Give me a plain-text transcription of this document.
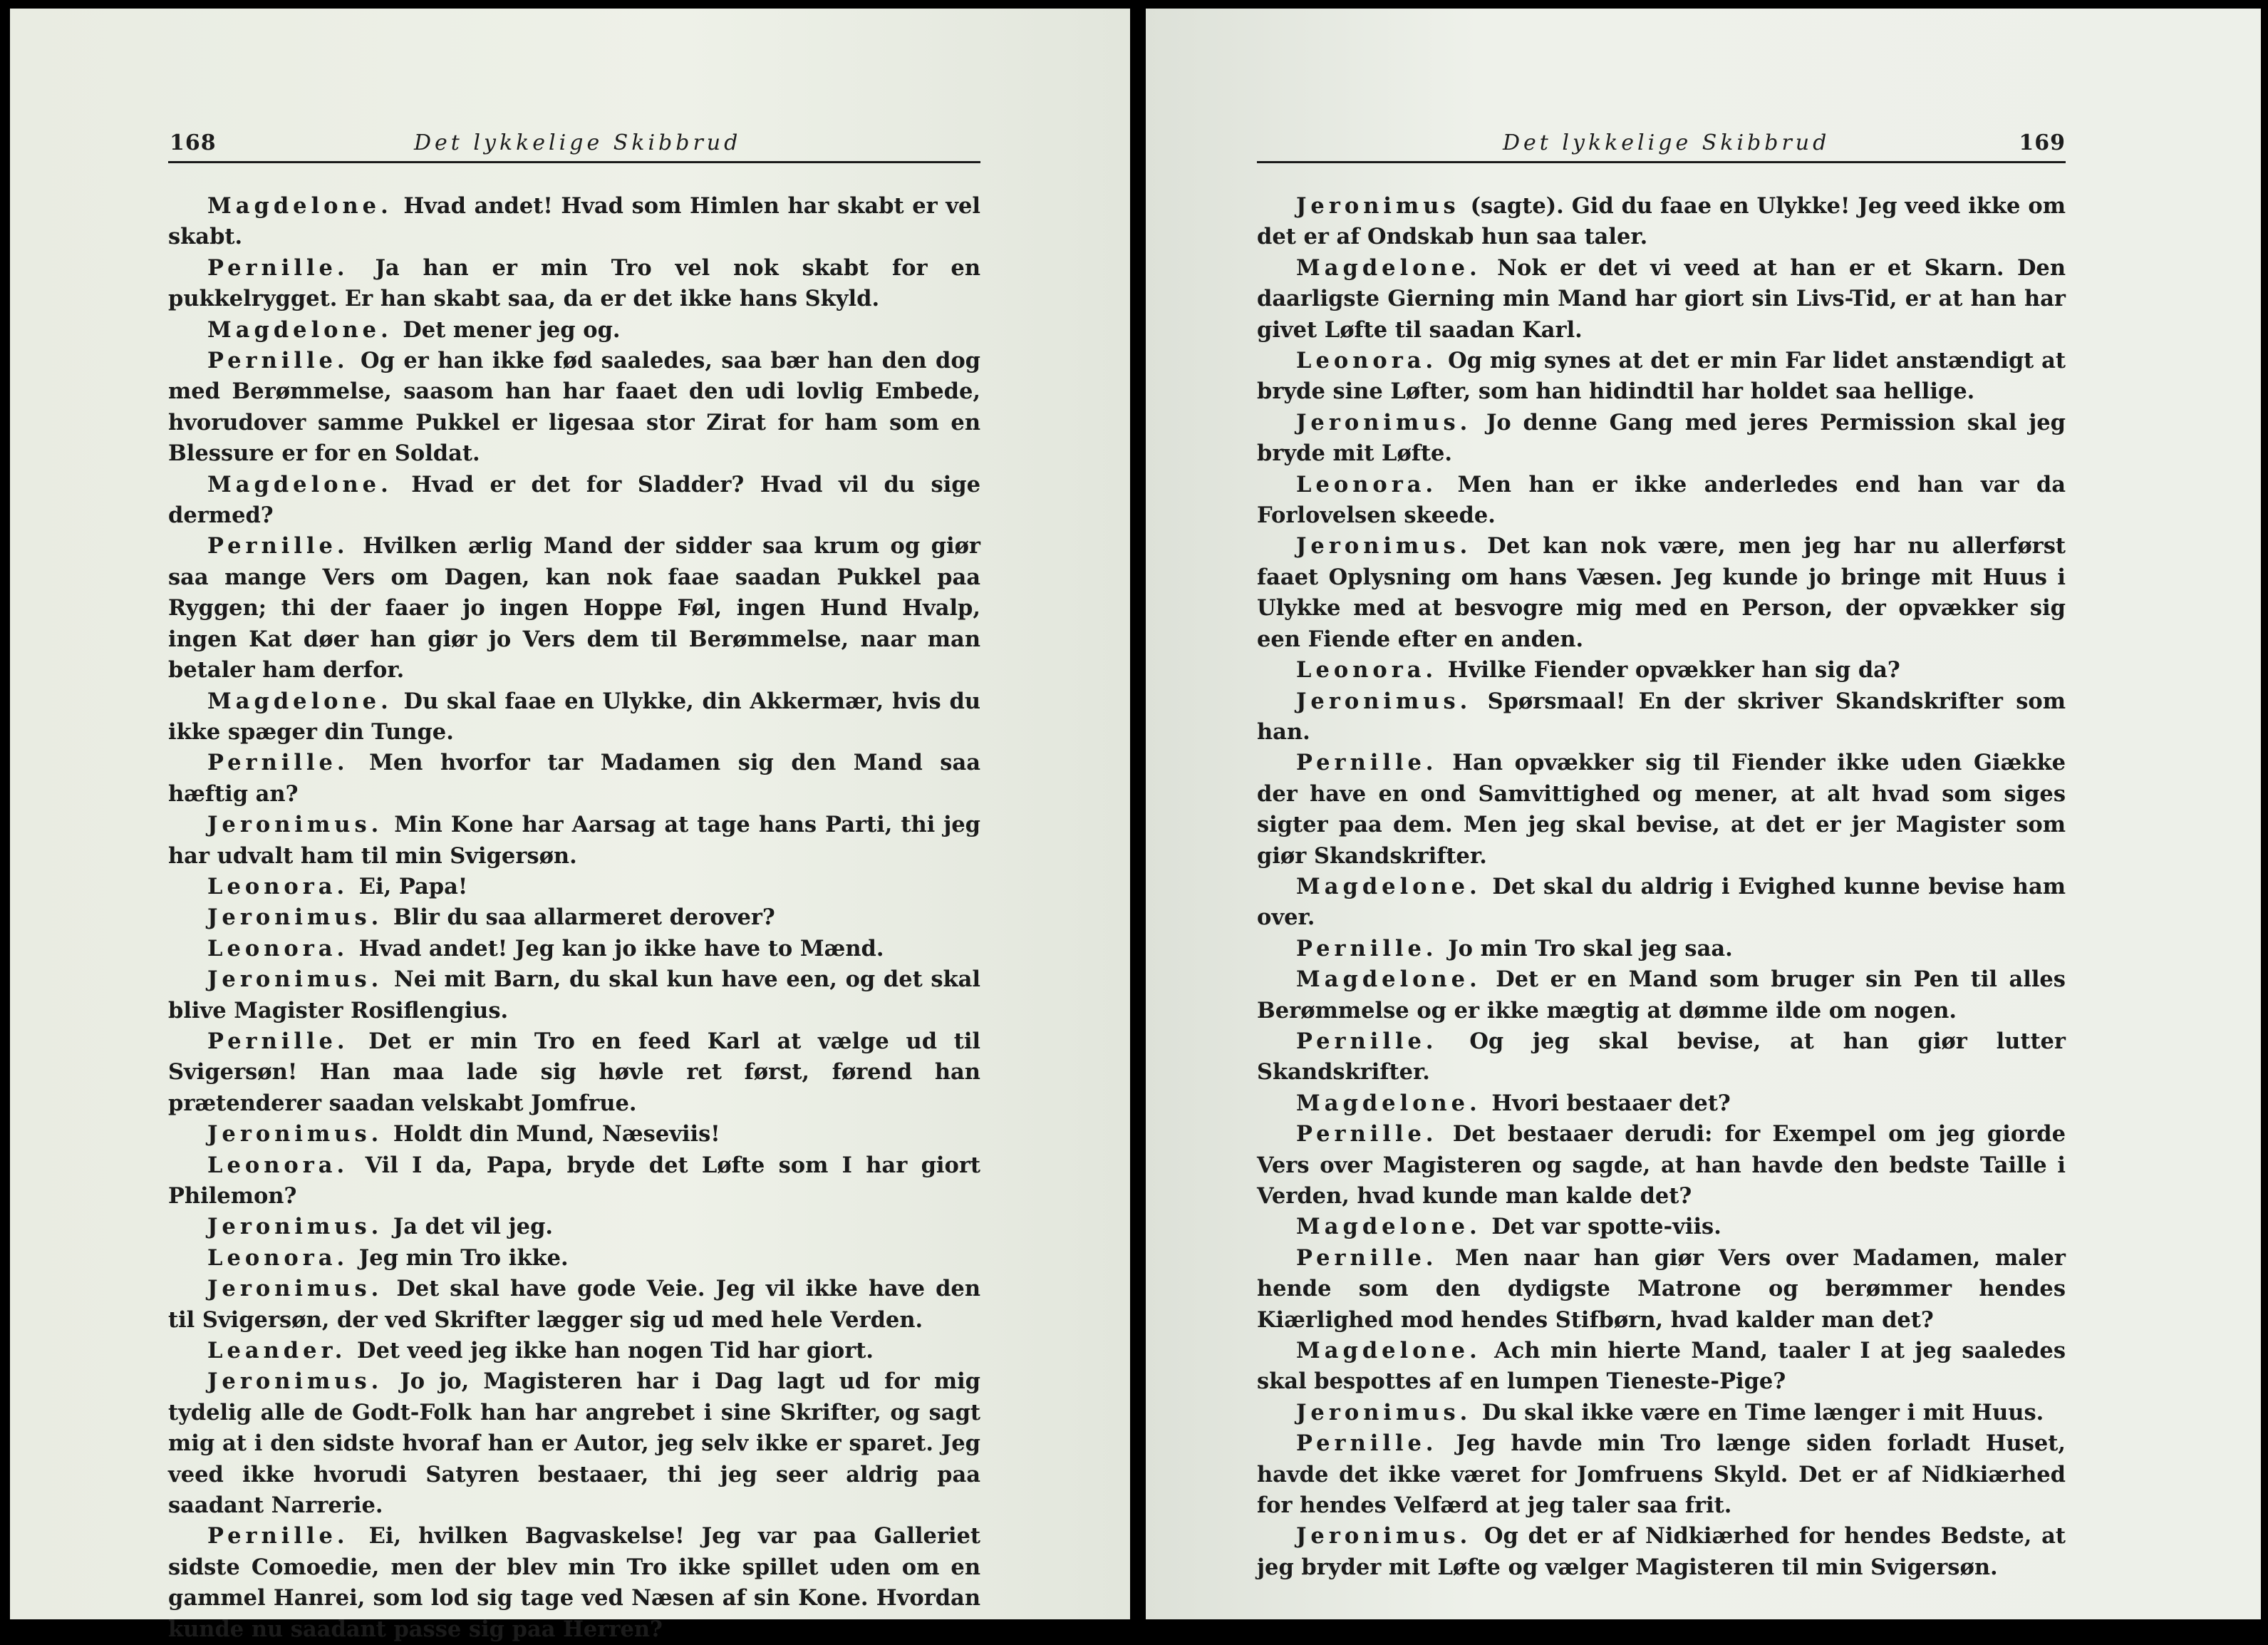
168	Det lykkelige Skibbrud

Magdelone. Hvad andet! Hvad som Himlen har skabt er vel skabt.

Pernille. Ja han er min Tro vel nok skabt for en pukkelrygget. Er han skabt saa, da er det ikke hans Skyld.

Magdelone. Det mener jeg og.

Pernille. Og er han ikke fød saaledes, saa bær han den dog med Berømmelse, saasom han har faaet den udi lovlig Embede, hvorudover samme Pukkel er ligesaa stor Zirat for ham som en Blessure er for en Soldat.

Magdelone. Hvad er det for Sladder? Hvad vil du sige dermed?

Pernille. Hvilken ærlig Mand der sidder saa krum og giør saa mange Vers om Dagen, kan nok faae saadan Pukkel paa Ryggen; thi der faaer jo ingen Hoppe Føl, ingen Hund Hvalp, ingen Kat døer han giør jo Vers dem til Berømmelse, naar man betaler ham derfor.

Magdelone. Du skal faae en Ulykke, din Akkermær, hvis du ikke spæger din Tunge.

Pernille. Men hvorfor tar Madamen sig den Mand saa hæftig an?

Jeronimus. Min Kone har Aarsag at tage hans Parti, thi jeg har udvalt ham til min Svigersøn.

Leonora. Ei, Papa!

Jeronimus. Blir du saa allarmeret derover?

Leonora. Hvad andet! Jeg kan jo ikke have to Mænd.

Jeronimus. Nei mit Barn, du skal kun have een, og det skal blive Magister Rosiflengius.

Pernille. Det er min Tro en feed Karl at vælge ud til Svigersøn! Han maa lade sig høvle ret først, førend han prætenderer saadan velskabt Jomfrue.

Jeronimus. Holdt din Mund, Næseviis!

Leonora. Vil I da, Papa, bryde det Løfte som I har giort Philemon?

Jeronimus. Ja det vil jeg.

Leonora. Jeg min Tro ikke.

Jeronimus. Det skal have gode Veie. Jeg vil ikke have den til Svigersøn, der ved Skrifter lægger sig ud med hele Verden.

Leander. Det veed jeg ikke han nogen Tid har giort.

Jeronimus. Jo jo, Magisteren har i Dag lagt ud for mig tydelig alle de Godt-Folk han har angrebet i sine Skrifter, og sagt mig at i den sidste hvoraf han er Autor, jeg selv ikke er sparet. Jeg veed ikke hvorudi Satyren bestaaer, thi jeg seer aldrig paa saadant Narrerie.

Pernille. Ei, hvilken Bagvaskelse! Jeg var paa Galleriet sidste Comoedie, men der blev min Tro ikke spillet uden om en gammel Hanrei, som lod sig tage ved Næsen af sin Kone. Hvordan kunde nu saadant passe sig paa Herren?

Det lykkelige Skibbrud	169

Jeronimus (sagte). Gid du faae en Ulykke! Jeg veed ikke om det er af Ondskab hun saa taler.

Magdelone. Nok er det vi veed at han er et Skarn. Den daarligste Gierning min Mand har giort sin Livs-Tid, er at han har givet Løfte til saadan Karl.

Leonora. Og mig synes at det er min Far lidet anstændigt at bryde sine Løfter, som han hidindtil har holdet saa hellige.

Jeronimus. Jo denne Gang med jeres Permission skal jeg bryde mit Løfte.

Leonora. Men han er ikke anderledes end han var da Forlovelsen skeede.

Jeronimus. Det kan nok være, men jeg har nu allerførst faaet Oplysning om hans Væsen. Jeg kunde jo bringe mit Huus i Ulykke med at besvogre mig med en Person, der opvækker sig een Fiende efter en anden.

Leonora. Hvilke Fiender opvækker han sig da?

Jeronimus. Spørsmaal! En der skriver Skandskrifter som han.

Pernille. Han opvækker sig til Fiender ikke uden Giække der have en ond Samvittighed og mener, at alt hvad som siges sigter paa dem. Men jeg skal bevise, at det er jer Magister som giør Skandskrifter.

Magdelone. Det skal du aldrig i Evighed kunne bevise ham over.

Pernille. Jo min Tro skal jeg saa.

Magdelone. Det er en Mand som bruger sin Pen til alles Berømmelse og er ikke mægtig at dømme ilde om nogen.

Pernille. Og jeg skal bevise, at han giør lutter Skandskrifter.

Magdelone. Hvori bestaaer det?

Pernille. Det bestaaer derudi: for Exempel om jeg giorde Vers over Magisteren og sagde, at han havde den bedste Taille i Verden, hvad kunde man kalde det?

Magdelone. Det var spotte-viis.

Pernille. Men naar han giør Vers over Madamen, maler hende som den dydigste Matrone og berømmer hendes Kiærlighed mod hendes Stifbørn, hvad kalder man det?

Magdelone. Ach min hierte Mand, taaler I at jeg saaledes skal bespottes af en lumpen Tieneste-Pige?

Jeronimus. Du skal ikke være en Time længer i mit Huus.

Pernille. Jeg havde min Tro længe siden forladt Huset, havde det ikke været for Jomfruens Skyld. Det er af Nidkiærhed for hendes Velfærd at jeg taler saa frit.

Jeronimus. Og det er af Nidkiærhed for hendes Bedste, at jeg bryder mit Løfte og vælger Magisteren til min Svigersøn.
